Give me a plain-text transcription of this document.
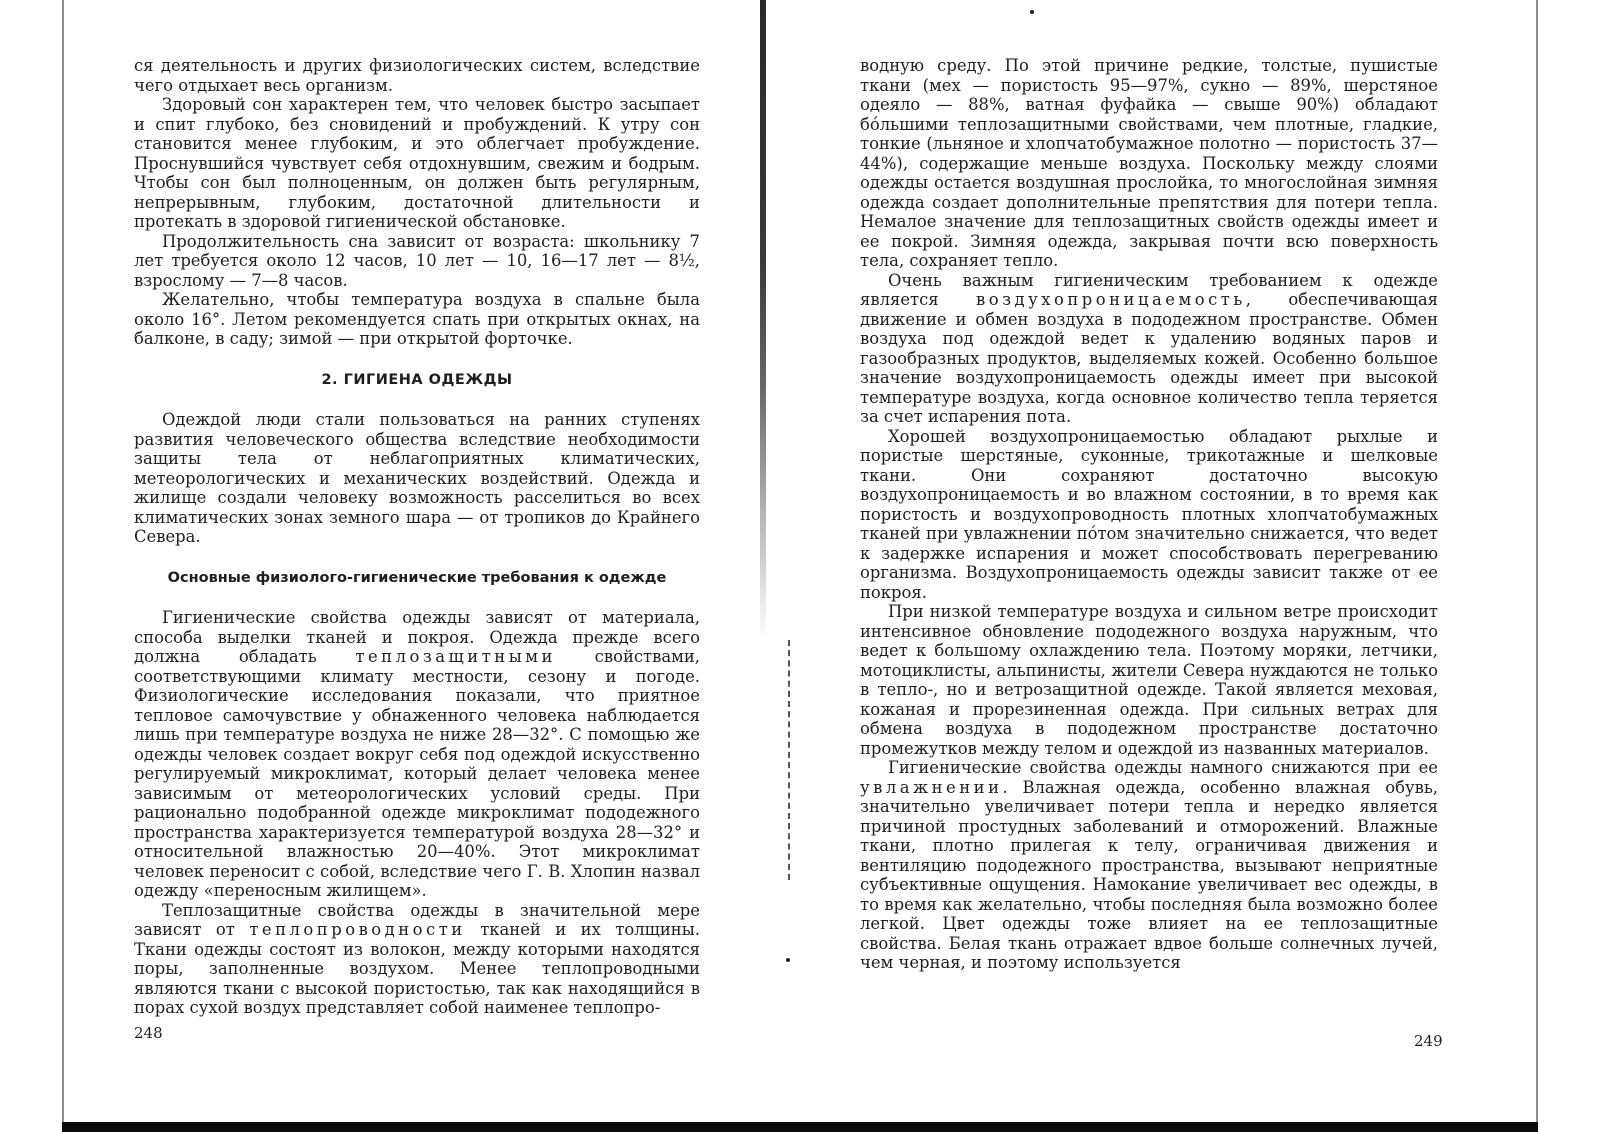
ся деятельность и других физиологических систем, вследствие чего отдыхает весь организм.

Здоровый сон характерен тем, что человек быстро засыпает и спит глубоко, без сновидений и пробуждений. К утру сон становится менее глубоким, и это облегчает пробуждение. Проснувшийся чувствует себя отдохнувшим, свежим и бодрым. Чтобы сон был полноценным, он должен быть регулярным, непрерывным, глубоким, достаточной длительности и протекать в здоровой гигиенической обстановке.

Продолжительность сна зависит от возраста: школьнику 7 лет требуется около 12 часов, 10 лет — 10, 16—17 лет — 8½, взрослому — 7—8 часов.

Желательно, чтобы температура воздуха в спальне была около 16°. Летом рекомендуется спать при открытых окнах, на балконе, в саду; зимой — при открытой форточке.

2. ГИГИЕНА ОДЕЖДЫ

Одеждой люди стали пользоваться на ранних ступенях развития человеческого общества вследствие необходимости защиты тела от неблагоприятных климатических, метеорологических и механических воздействий. Одежда и жилище создали человеку возможность расселиться во всех климатических зонах земного шара — от тропиков до Крайнего Севера.

Основные физиолого-гигиенические требования к одежде

Гигиенические свойства одежды зависят от материала, способа выделки тканей и покроя. Одежда прежде всего должна обладать теплозащитными свойствами, соответствующими климату местности, сезону и погоде. Физиологические исследования показали, что приятное тепловое самочувствие у обнаженного человека наблюдается лишь при температуре воздуха не ниже 28—32°. С помощью же одежды человек создает вокруг себя под одеждой искусственно регулируемый микроклимат, который делает человека менее зависимым от метеорологических условий среды. При рационально подобранной одежде микроклимат пододежного пространства характеризуется температурой воздуха 28—32° и относительной влажностью 20—40%. Этот микроклимат человек переносит с собой, вследствие чего Г. В. Хлопин назвал одежду «переносным жилищем».

Теплозащитные свойства одежды в значительной мере зависят от теплопроводности тканей и их толщины. Ткани одежды состоят из волокон, между которыми находятся поры, заполненные воздухом. Менее теплопроводными являются ткани с высокой пористостью, так как находящийся в порах сухой воздух представляет собой наименее теплопро-

248

водную среду. По этой причине редкие, толстые, пушистые ткани (мех — пористость 95—97%, сукно — 89%, шерстяное одеяло — 88%, ватная фуфайка — свыше 90%) обладают бóльшими теплозащитными свойствами, чем плотные, гладкие, тонкие (льняное и хлопчатобумажное полотно — пористость 37—44%), содержащие меньше воздуха. Поскольку между слоями одежды остается воздушная прослойка, то многослойная зимняя одежда создает дополнительные препятствия для потери тепла. Немалое значение для теплозащитных свойств одежды имеет и ее покрой. Зимняя одежда, закрывая почти всю поверхность тела, сохраняет тепло.

Очень важным гигиеническим требованием к одежде является воздухопроницаемость, обеспечивающая движение и обмен воздуха в пододежном пространстве. Обмен воздуха под одеждой ведет к удалению водяных паров и газообразных продуктов, выделяемых кожей. Особенно большое значение воздухопроницаемость одежды имеет при высокой температуре воздуха, когда основное количество тепла теряется за счет испарения пота.

Хорошей воздухопроницаемостью обладают рыхлые и пористые шерстяные, суконные, трикотажные и шелковые ткани. Они сохраняют достаточно высокую воздухопроницаемость и во влажном состоянии, в то время как пористость и воздухопроводность плотных хлопчатобумажных тканей при увлажнении пóтом значительно снижается, что ведет к задержке испарения и может способствовать перегреванию организма. Воздухопроницаемость одежды зависит также от ее покроя.

При низкой температуре воздуха и сильном ветре происходит интенсивное обновление пододежного воздуха наружным, что ведет к большому охлаждению тела. Поэтому моряки, летчики, мотоциклисты, альпинисты, жители Севера нуждаются не только в тепло-, но и ветрозащитной одежде. Такой является меховая, кожаная и прорезиненная одежда. При сильных ветрах для обмена воздуха в пододежном пространстве достаточно промежутков между телом и одеждой из названных материалов.

Гигиенические свойства одежды намного снижаются при ее увлажнении. Влажная одежда, особенно влажная обувь, значительно увеличивает потери тепла и нередко является причиной простудных заболеваний и отморожений. Влажные ткани, плотно прилегая к телу, ограничивая движения и вентиляцию пододежного пространства, вызывают неприятные субъективные ощущения. Намокание увеличивает вес одежды, в то время как желательно, чтобы последняя была возможно более легкой. Цвет одежды тоже влияет на ее теплозащитные свойства. Белая ткань отражает вдвое больше солнечных лучей, чем черная, и поэтому используется

249
